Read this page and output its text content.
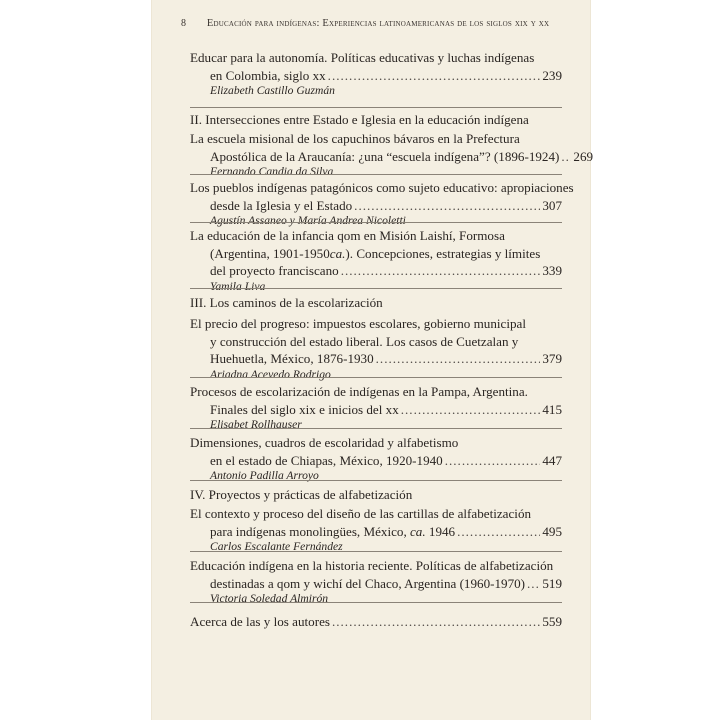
8 Educación para indígenas: Experiencias latinoamericanas de los siglos xix y xx
Educar para la autonomía. Políticas educativas y luchas indígenas
en Colombia, siglo xx .....	239
Elizabeth Castillo Guzmán
II. Intersecciones entre Estado e Iglesia en la educación indígena
La escuela misional de los capuchinos bávaros en la Prefectura
Apostólica de la Araucanía: ¿una “escuela indígena”? (1896-1924) ..... 269
Fernando Candia da Silva
Los pueblos indígenas patagónicos como sujeto educativo: apropiaciones
desde la Iglesia y el Estado .....	307
Agustín Assaneo y María Andrea Nicoletti
La educación de la infancia qom en Misión Laishí, Formosa
(Argentina, 1901-1950 ca. ). Concepciones, estrategias y límites
del proyecto franciscano .....	339
Yamila Liva
III. Los caminos de la escolarización
El precio del progreso: impuestos escolares, gobierno municipal
y construcción del estado liberal. Los casos de Cuetzalan y
Huehuetla, México, 1876-1930 .....	379
Ariadna Acevedo Rodrigo
Procesos de escolarización de indígenas en la Pampa, Argentina.
Finales del siglo xix e inicios del xx .....	415
Elisabet Rollhauser
Dimensiones, cuadros de escolaridad y alfabetismo
en el estado de Chiapas, México, 1920-1940 .....	447
Antonio Padilla Arroyo
IV. Proyectos y prácticas de alfabetización
El contexto y proceso del diseño de las cartillas de alfabetización
para indígenas monolingües, México, ca. 1946 .....	495
Carlos Escalante Fernández
Educación indígena en la historia reciente. Políticas de alfabetización
destinadas a qom y wichí del Chaco, Argentina (1960-1970) ..... 519
Victoria Soledad Almirón
Acerca de las y los autores .....	559
